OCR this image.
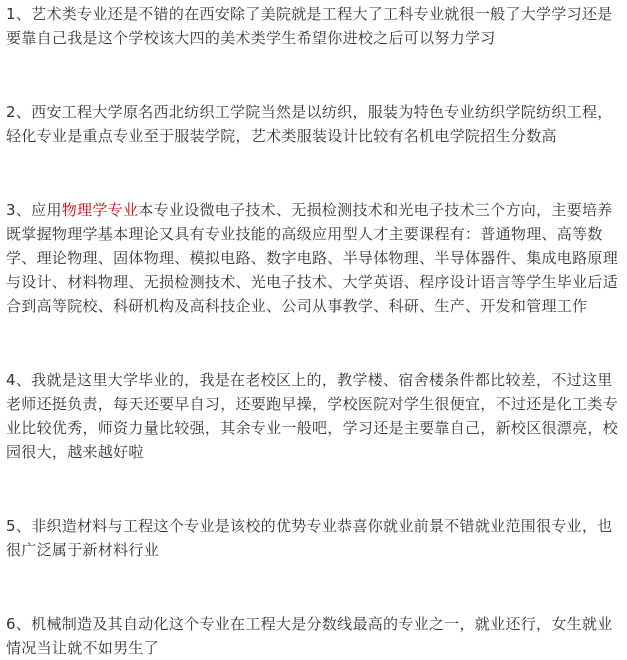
1、艺术类专业还是不错的在西安除了美院就是工程大了工科专业就很一般了大学学习还是要靠自己我是这个学校该大四的美术类学生希望你进校之后可以努力学习

2、西安工程大学原名西北纺织工学院当然是以纺织，服装为特色专业纺织学院纺织工程，轻化专业是重点专业至于服装学院，艺术类服装设计比较有名机电学院招生分数高

3、应用物理学专业本专业设微电子技术、无损检测技术和光电子技术三个方向，主要培养既掌握物理学基本理论又具有专业技能的高级应用型人才主要课程有：普通物理、高等数学、理论物理、固体物理、模拟电路、数字电路、半导体物理、半导体器件、集成电路原理与设计、材料物理、无损检测技术、光电子技术、大学英语、程序设计语言等学生毕业后适合到高等院校、科研机构及高科技企业、公司从事教学、科研、生产、开发和管理工作

4、我就是这里大学毕业的，我是在老校区上的，教学楼、宿舍楼条件都比较差，不过这里老师还挺负责，每天还要早自习，还要跑早操，学校医院对学生很便宜，不过还是化工类专业比较优秀，师资力量比较强，其余专业一般吧，学习还是主要靠自己，新校区很漂亮，校园很大，越来越好啦

5、非织造材料与工程这个专业是该校的优势专业恭喜你就业前景不错就业范围很专业，也很广泛属于新材料行业

6、机械制造及其自动化这个专业在工程大是分数线最高的专业之一，就业还行，女生就业情况当让就不如男生了
